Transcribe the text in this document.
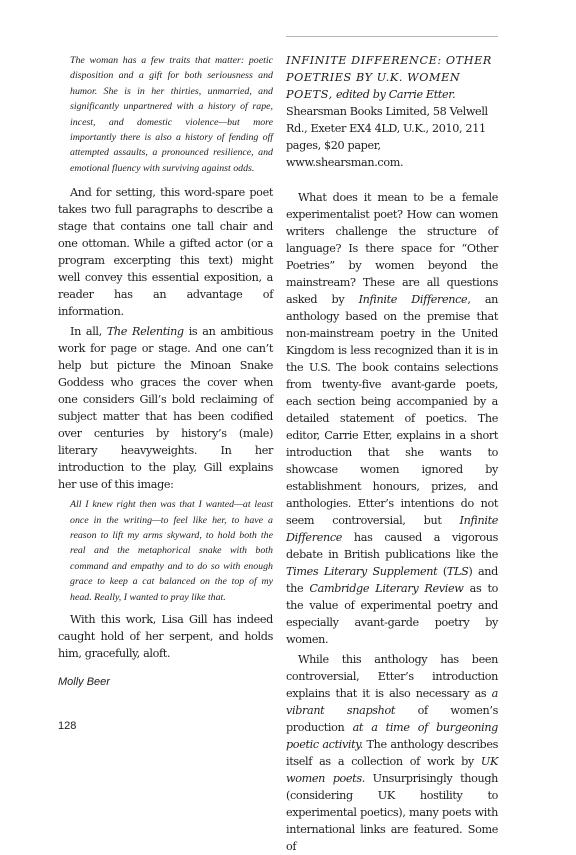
The woman has a few traits that matter: poetic disposition and a gift for both seriousness and humor. She is in her thirties, unmarried, and significantly unpartnered with a history of rape, incest, and domestic violence—but more importantly there is also a history of fending off attempted assaults, a pronounced resilience, and emotional fluency with surviving against odds.

And for setting, this word-spare poet takes two full paragraphs to describe a stage that contains one tall chair and one ottoman. While a gifted actor (or a program excerpting this text) might well convey this essential exposition, a reader has an advantage of information.

In all, The Relenting is an ambitious work for page or stage. And one can’t help but picture the Minoan Snake Goddess who graces the cover when one considers Gill’s bold reclaiming of subject matter that has been codified over centuries by history’s (male) literary heavyweights. In her introduction to the play, Gill explains her use of this image:

All I knew right then was that I wanted—at least once in the writing—to feel like her, to have a reason to lift my arms skyward, to hold both the real and the metaphorical snake with both command and empathy and to do so with enough grace to keep a cat balanced on the top of my head. Really, I wanted to pray like that.

With this work, Lisa Gill has indeed caught hold of her serpent, and holds him, gracefully, aloft.

Molly Beer

INFINITE DIFFERENCE: OTHER POETRIES BY U.K. WOMEN POETS, edited by Carrie Etter. Shearsman Books Limited, 58 Velwell Rd., Exeter EX4 4LD, U.K., 2010, 211 pages, $20 paper, www.shearsman.com.

What does it mean to be a female experimentalist poet? How can women writers challenge the structure of language? Is there space for “Other Poetries” by women beyond the mainstream? These are all questions asked by Infinite Difference, an anthology based on the premise that non-mainstream poetry in the United Kingdom is less recognized than it is in the U.S. The book contains selections from twenty-five avant-garde poets, each section being accompanied by a detailed statement of poetics. The editor, Carrie Etter, explains in a short introduction that she wants to showcase women ignored by establishment honours, prizes, and anthologies. Etter’s intentions do not seem controversial, but Infinite Difference has caused a vigorous debate in British publications like the Times Literary Supplement (TLS) and the Cambridge Literary Review as to the value of experimental poetry and especially avant-garde poetry by women.

While this anthology has been controversial, Etter’s introduction explains that it is also necessary as a vibrant snapshot of women’s production at a time of burgeoning poetic activity. The anthology describes itself as a collection of work by UK women poets. Unsurprisingly though (considering UK hostility to experimental poetics), many poets with international links are featured. Some of

128
